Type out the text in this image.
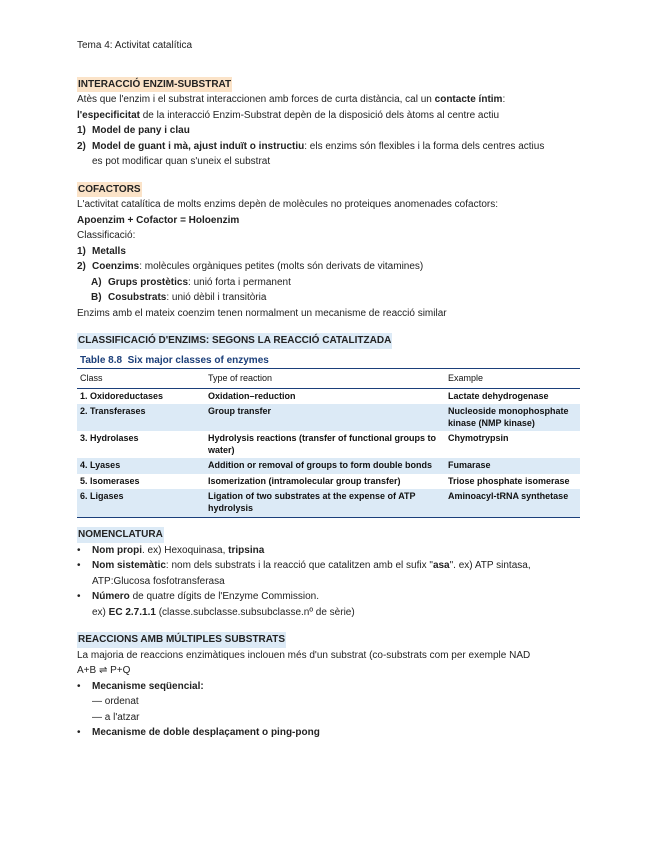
Tema 4: Activitat catalítica
INTERACCIÓ ENZIM-SUBSTRAT
Atès que l'enzim i el substrat interaccionen amb forces de curta distància, cal un contacte íntim:
l'especificitat de la interacció Enzim-Substrat depèn de la disposició dels àtoms al centre actiu
1) Model de pany i clau
2) Model de guant i mà, ajust induït o instructiu: els enzims són flexibles i la forma dels centres actius
es pot modificar quan s'uneix el substrat
COFACTORS
L'activitat catalítica de molts enzims depèn de molècules no proteiques anomenades cofactors:
Apoenzim + Cofactor = Holoenzim
Classificació:
1) Metalls
2) Coenzims: molècules orgàniques petites (molts són derivats de vitamines)
A) Grups prostètics: unió forta i permanent
B) Cosubstrats: unió dèbil i transitòria
Enzims amb el mateix coenzim tenen normalment un mecanisme de reacció similar
CLASSIFICACIÓ D'ENZIMS: SEGONS LA REACCIÓ CATALITZADA
Table 8.8 Six major classes of enzymes
Class	Type of reaction	Example
1. Oxidoreductases	Oxidation–reduction	Lactate dehydrogenase
2. Transferases	Group transfer	Nucleoside monophosphate kinase (NMP kinase)
3. Hydrolases	Hydrolysis reactions (transfer of functional groups to water)	Chymotrypsin
4. Lyases	Addition or removal of groups to form double bonds	Fumarase
5. Isomerases	Isomerization (intramolecular group transfer)	Triose phosphate isomerase
6. Ligases	Ligation of two substrates at the expense of ATP hydrolysis	Aminoacyl-tRNA synthetase
NOMENCLATURA
• Nom propi. ex) Hexoquinasa, tripsina
• Nom sistemàtic: nom dels substrats i la reacció que catalitzen amb el sufix "asa". ex) ATP sintasa,
ATP:Glucosa fosfotransferasa
• Número de quatre dígits de l'Enzyme Commission.
ex) EC 2.7.1.1 (classe.subclasse.subsubclasse.nº de sèrie)
REACCIONS AMB MÚLTIPLES SUBSTRATS
La majoria de reaccions enzimàtiques inclouen més d'un substrat (co-substrats com per exemple NAD
A+B ⇌ P+Q
• Mecanisme seqüencial:
— ordenat
— a l'atzar
• Mecanisme de doble desplaçament o ping-pong
